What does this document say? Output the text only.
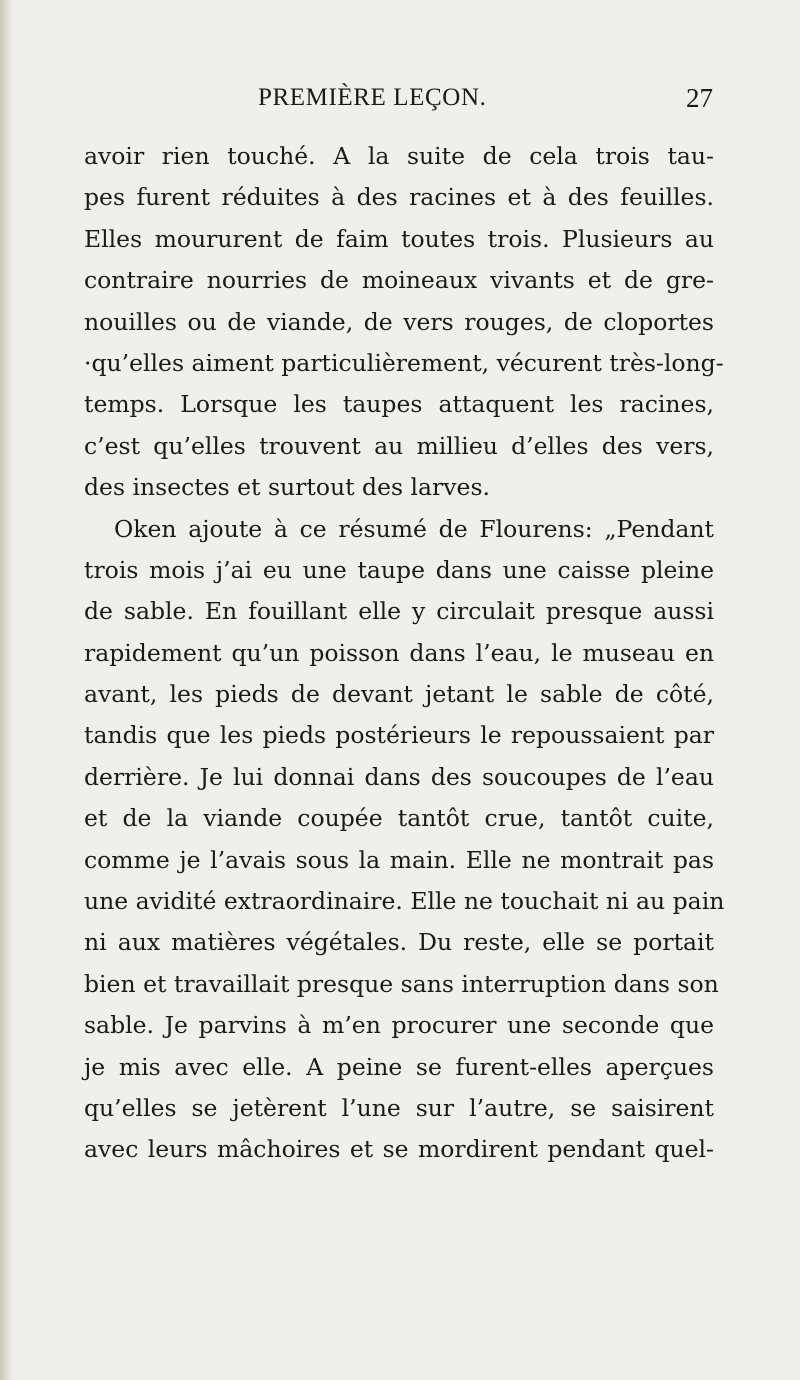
PREMIÈRE LEÇON.	27
avoir rien touché. A la suite de cela trois tau-
pes furent réduites à des racines et à des feuilles.
Elles moururent de faim toutes trois. Plusieurs au
contraire nourries de moineaux vivants et de gre-
nouilles ou de viande, de vers rouges, de cloportes
·qu’elles aiment particulièrement, vécurent très-long-
temps. Lorsque les taupes attaquent les racines,
c’est qu’elles trouvent au millieu d’elles des vers,
des insectes et surtout des larves.
Oken ajoute à ce résumé de Flourens: „Pendant
trois mois j’ai eu une taupe dans une caisse pleine
de sable. En fouillant elle y circulait presque aussi
rapidement qu’un poisson dans l’eau, le museau en
avant, les pieds de devant jetant le sable de côté,
tandis que les pieds postérieurs le repoussaient par
derrière. Je lui donnai dans des soucoupes de l’eau
et de la viande coupée tantôt crue, tantôt cuite,
comme je l’avais sous la main. Elle ne montrait pas
une avidité extraordinaire. Elle ne touchait ni au pain
ni aux matières végétales. Du reste, elle se portait
bien et travaillait presque sans interruption dans son
sable. Je parvins à m’en procurer une seconde que
je mis avec elle. A peine se furent-elles aperçues
qu’elles se jetèrent l’une sur l’autre, se saisirent
avec leurs mâchoires et se mordirent pendant quel-
